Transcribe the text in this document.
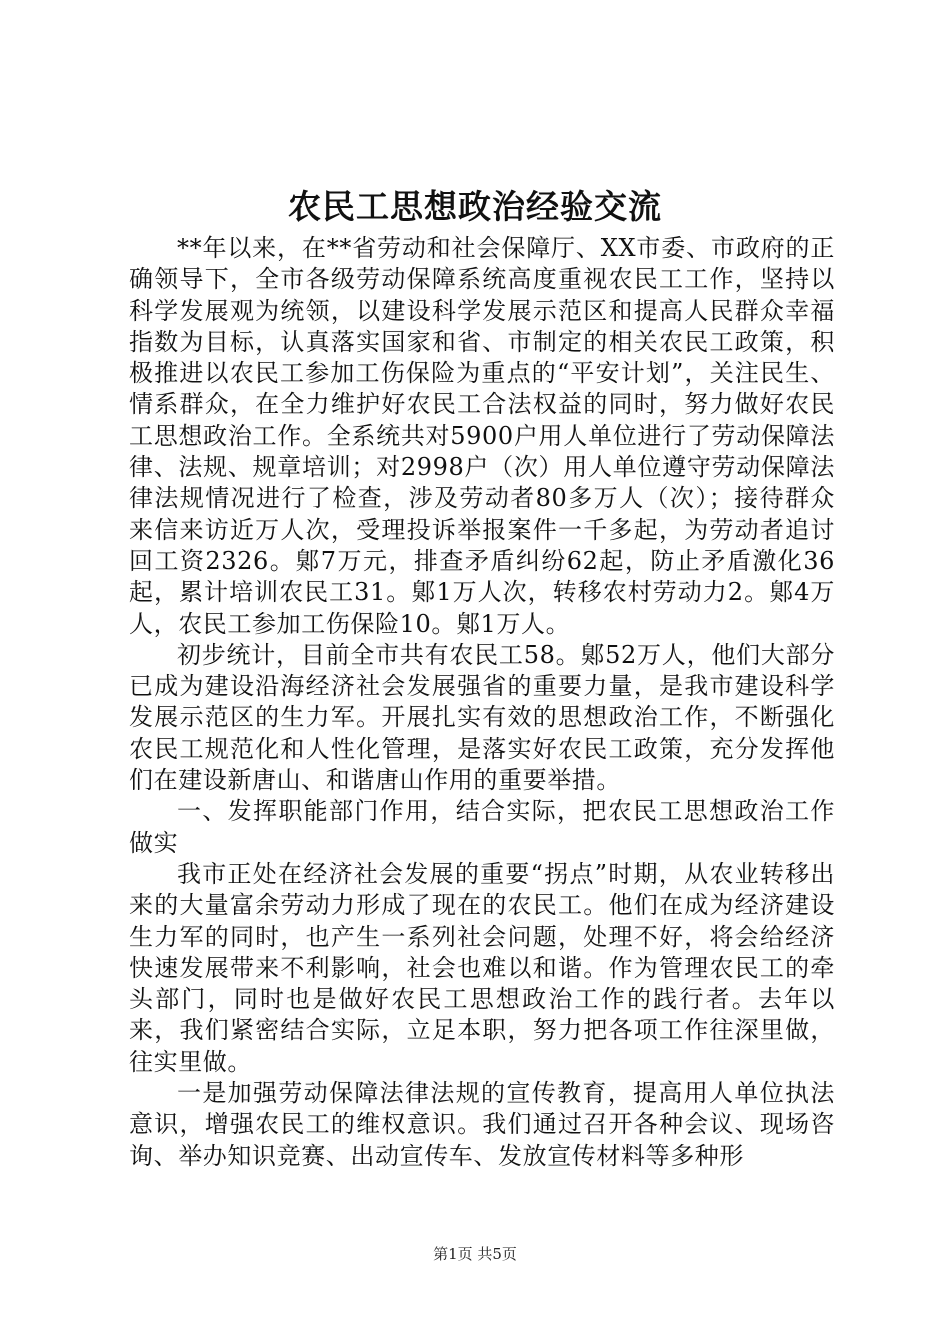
农民工思想政治经验交流

**年以来，在**省劳动和社会保障厅、XX市委、市政府的正确领导下，全市各级劳动保障系统高度重视农民工工作，坚持以科学发展观为统领，以建设科学发展示范区和提高人民群众幸福指数为目标，认真落实国家和省、市制定的相关农民工政策，积极推进以农民工参加工伤保险为重点的“平安计划”，关注民生、情系群众，在全力维护好农民工合法权益的同时，努力做好农民工思想政治工作。全系统共对5900户用人单位进行了劳动保障法律、法规、规章培训；对2998户（次）用人单位遵守劳动保障法律法规情况进行了检查，涉及劳动者80多万人（次）；接待群众来信来访近万人次，受理投诉举报案件一千多起，为劳动者追讨回工资2326。鄓7万元，排查矛盾纠纷62起，防止矛盾激化36起，累计培训农民工31。鄓1万人次，转移农村劳动力2。鄓4万人，农民工参加工伤保险10。鄓1万人。

初步统计，目前全市共有农民工58。鄓52万人，他们大部分已成为建设沿海经济社会发展强省的重要力量，是我市建设科学发展示范区的生力军。开展扎实有效的思想政治工作，不断强化农民工规范化和人性化管理，是落实好农民工政策，充分发挥他们在建设新唐山、和谐唐山作用的重要举措。

一、发挥职能部门作用，结合实际，把农民工思想政治工作做实

我市正处在经济社会发展的重要“拐点”时期，从农业转移出来的大量富余劳动力形成了现在的农民工。他们在成为经济建设生力军的同时，也产生一系列社会问题，处理不好，将会给经济快速发展带来不利影响，社会也难以和谐。作为管理农民工的牵头部门，同时也是做好农民工思想政治工作的践行者。去年以来，我们紧密结合实际，立足本职，努力把各项工作往深里做，往实里做。

一是加强劳动保障法律法规的宣传教育，提高用人单位执法意识，增强农民工的维权意识。我们通过召开各种会议、现场咨询、举办知识竞赛、出动宣传车、发放宣传材料等多种形

第1页 共5页
